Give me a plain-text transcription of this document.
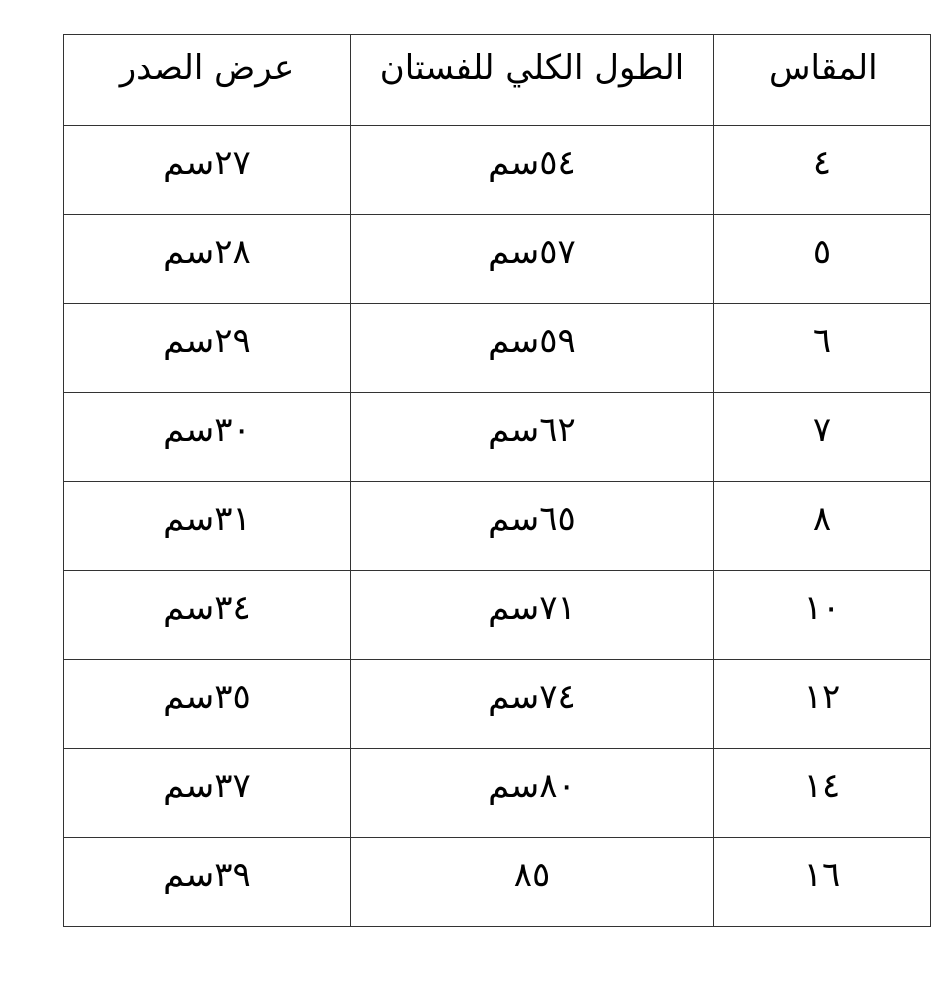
المقاس	الطول الكلي للفستان	عرض الصدر
٤	٥٤سم	٢٧سم
٥	٥٧سم	٢٨سم
٦	٥٩سم	٢٩سم
٧	٦٢سم	٣٠سم
٨	٦٥سم	٣١سم
١٠	٧١سم	٣٤سم
١٢	٧٤سم	٣٥سم
١٤	٨٠سم	٣٧سم
١٦	٨٥	٣٩سم
